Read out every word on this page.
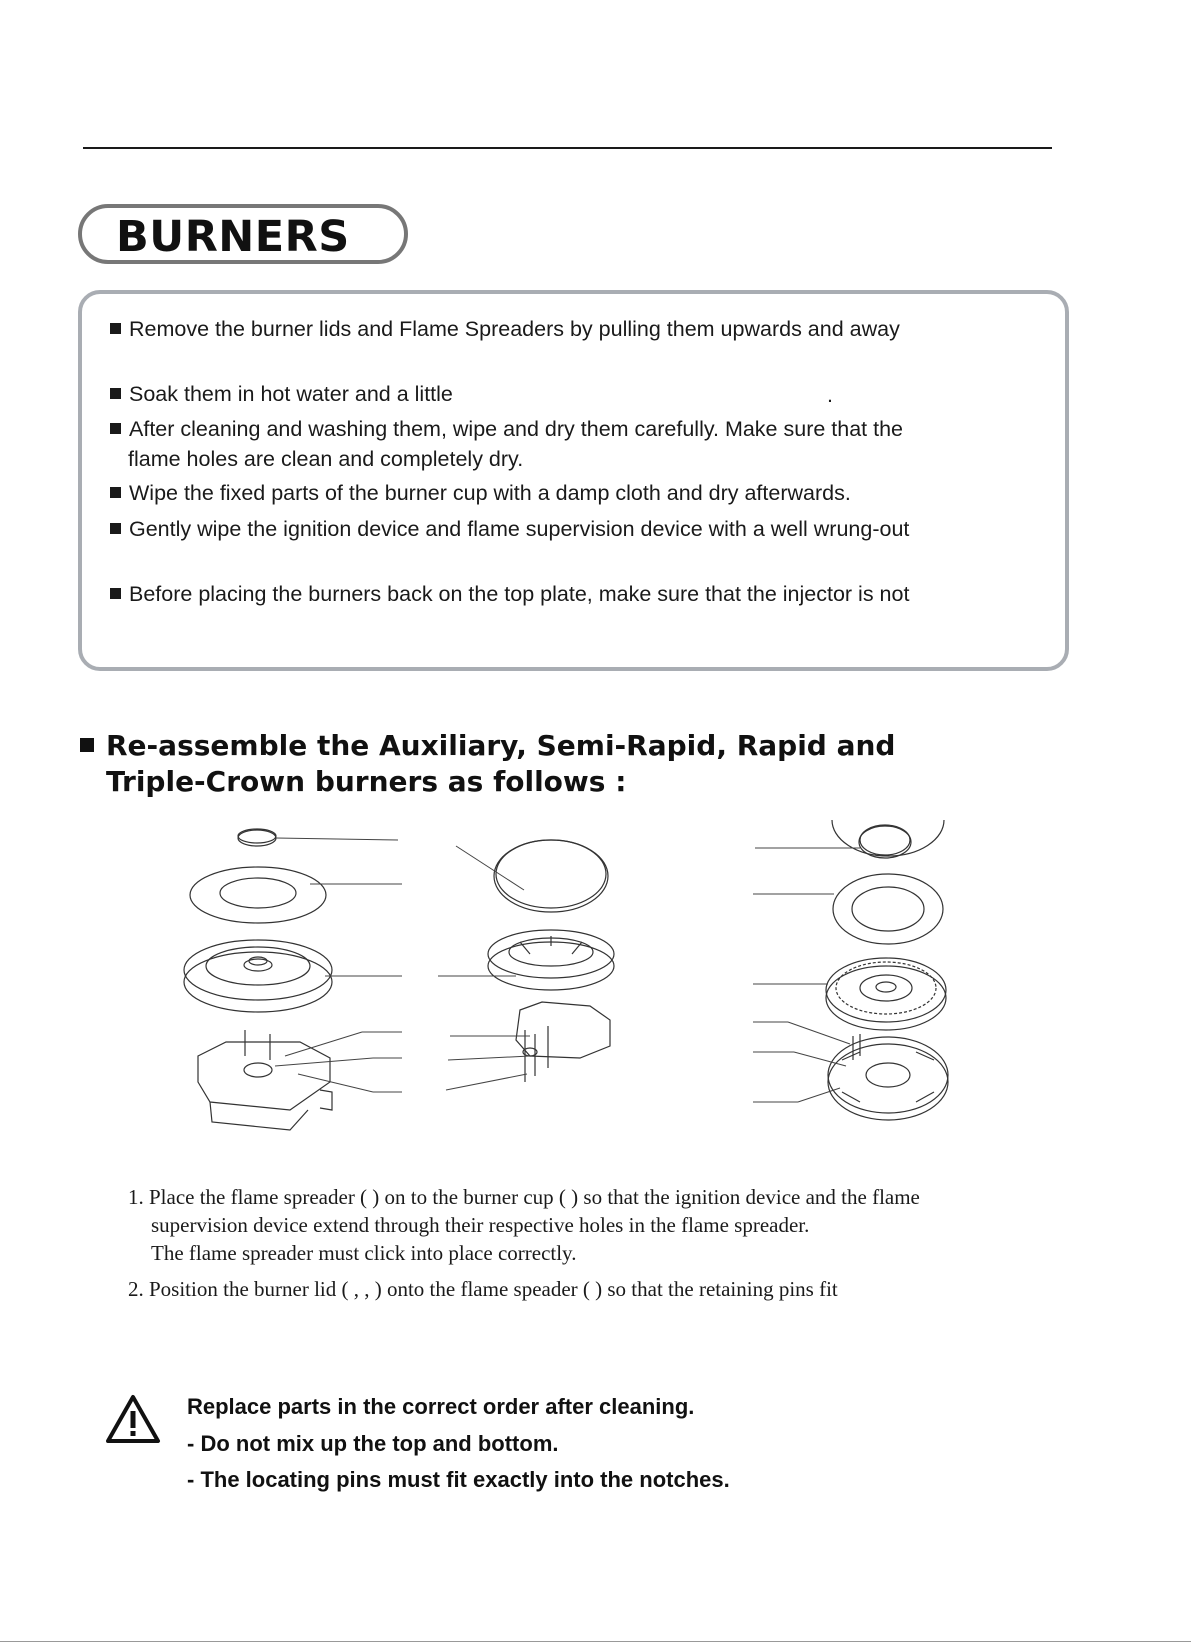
BURNERS
Remove the burner lids and Flame Spreaders by pulling them upwards and away
Soak them in hot water and a little	.
After cleaning and washing them, wipe and dry them carefully. Make sure that the
flame holes are clean and completely dry.
Wipe the fixed parts of the burner cup with a damp cloth and dry afterwards.
Gently wipe the ignition device and flame supervision device with a well wrung-out
Before placing the burners back on the top plate, make sure that the injector is not
Re-assemble the Auxiliary, Semi-Rapid, Rapid and
Triple-Crown burners as follows :
1. Place the flame spreader ( ) on to the burner cup ( ) so that the ignition device and the flame
supervision device extend through their respective holes in the flame spreader.
The flame spreader must click into place correctly.
2. Position the burner lid ( , , ) onto the flame speader ( ) so that the retaining pins fit
Replace parts in the correct order after cleaning.
- Do not mix up the top and bottom.
- The locating pins must fit exactly into the notches.
